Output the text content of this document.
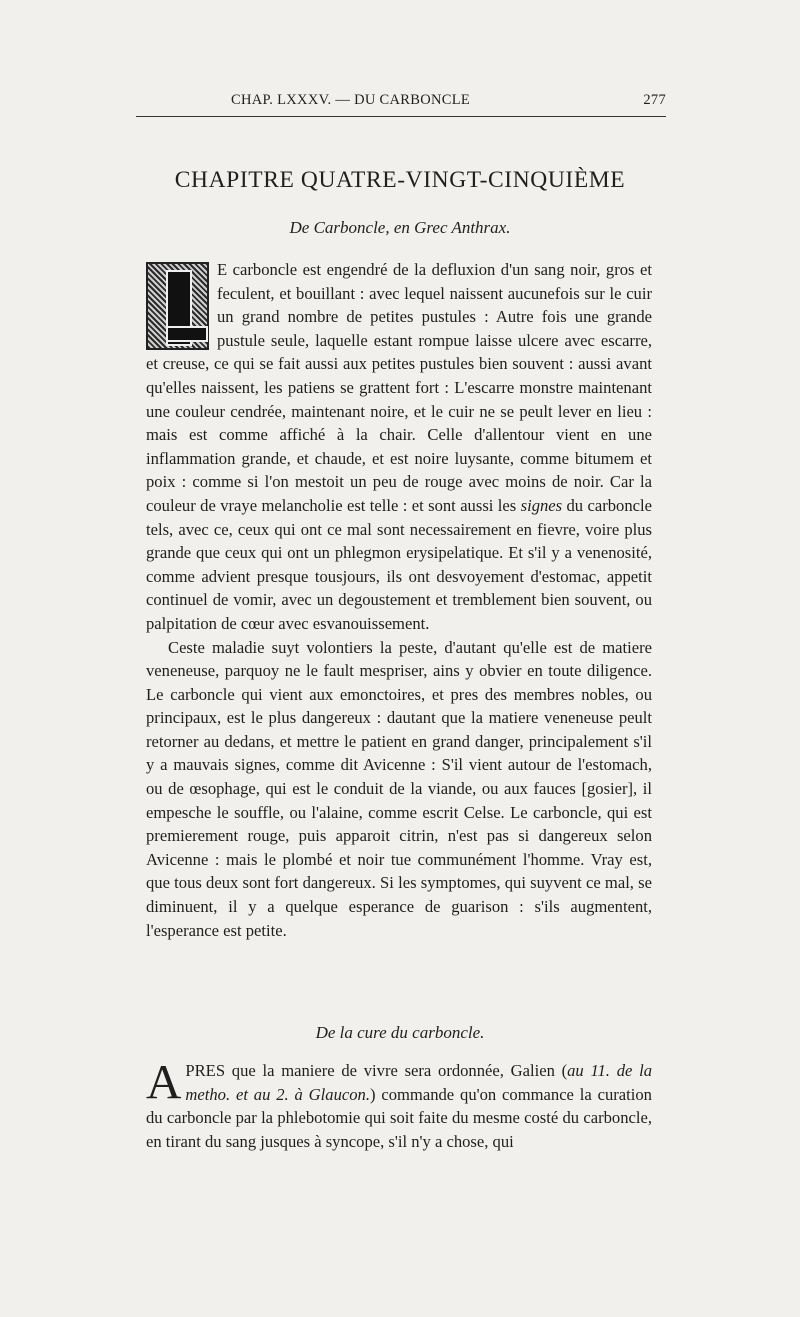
CHAP. LXXXV. — DU CARBONCLE	277
CHAPITRE QUATRE-VINGT-CINQUIÈME
De Carboncle, en Grec Anthrax.

E carboncle est engendré de la defluxion d'un sang noir, gros et feculent, et bouillant : avec lequel naissent aucunefois sur le cuir un grand nombre de petites pustules : Autre fois une grande pustule seule, laquelle estant rompue laisse ulcere avec escarre, et creuse, ce qui se fait aussi aux petites pustules bien souvent : aussi avant qu'elles naissent, les patiens se grattent fort : L'escarre monstre maintenant une couleur cendrée, maintenant noire, et le cuir ne se peult lever en lieu : mais est comme affiché à la chair. Celle d'allentour vient en une inflammation grande, et chaude, et est noire luysante, comme bitumem et poix : comme si l'on mestoit un peu de rouge avec moins de noir. Car la couleur de vraye melancholie est telle : et sont aussi les signes du carboncle tels, avec ce, ceux qui ont ce mal sont necessairement en fievre, voire plus grande que ceux qui ont un phlegmon erysipelatique. Et s'il y a venenosité, comme advient presque tousjours, ils ont desvoyement d'estomac, appetit continuel de vomir, avec un degoustement et tremblement bien souvent, ou palpitation de cœur avec esvanouissement.

Ceste maladie suyt volontiers la peste, d'autant qu'elle est de matiere veneneuse, parquoy ne le fault mespriser, ains y obvier en toute diligence. Le carboncle qui vient aux emonctoires, et pres des membres nobles, ou principaux, est le plus dangereux : dautant que la matiere veneneuse peult retorner au dedans, et mettre le patient en grand danger, principalement s'il y a mauvais signes, comme dit Avicenne : S'il vient autour de l'estomach, ou de œsophage, qui est le conduit de la viande, ou aux fauces [gosier], il empesche le souffle, ou l'alaine, comme escrit Celse. Le carboncle, qui est premierement rouge, puis apparoit citrin, n'est pas si dangereux selon Avicenne : mais le plombé et noir tue communément l'homme. Vray est, que tous deux sont fort dangereux. Si les symptomes, qui suyvent ce mal, se diminuent, il y a quelque esperance de guarison : s'ils augmentent, l'esperance est petite.

De la cure du carboncle.

APRES que la maniere de vivre sera ordonnée, Galien (au 11. de la metho. et au 2. à Glaucon.) commande qu'on commance la curation du carboncle par la phlebotomie qui soit faite du mesme costé du carboncle, en tirant du sang jusques à syncope, s'il n'y a chose, qui
